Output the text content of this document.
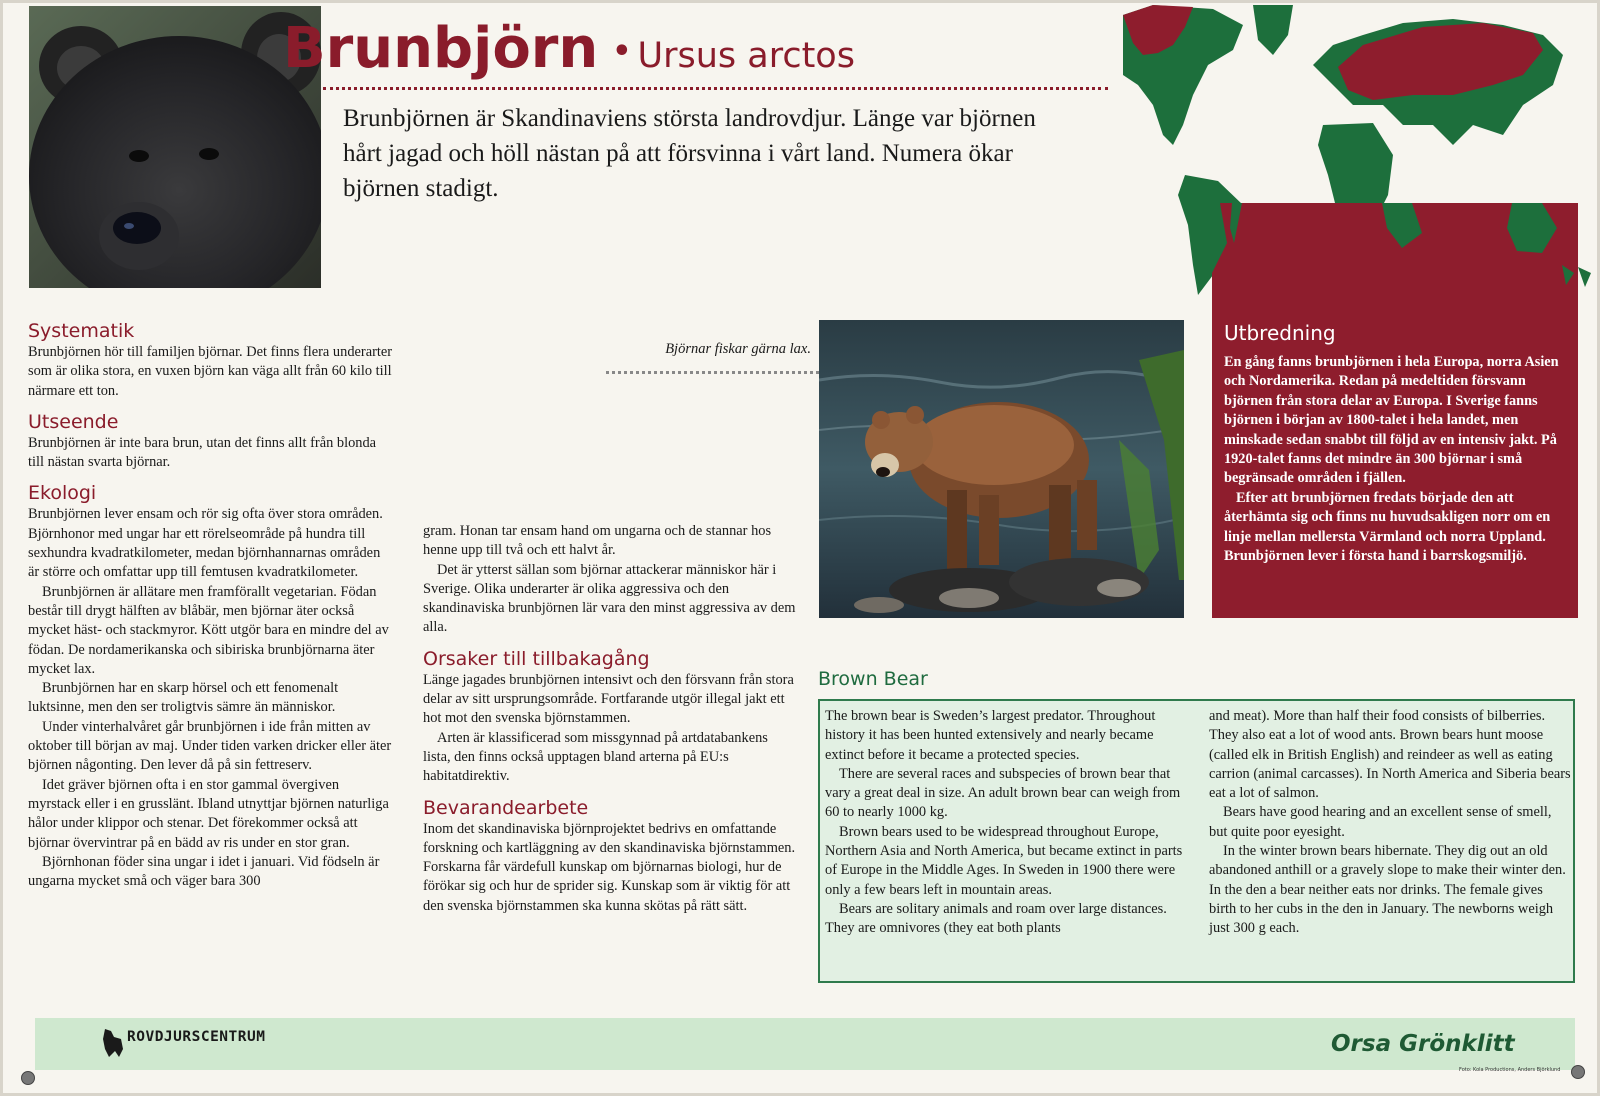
Brunbjörn • Ursus arctos
Brunbjörnen är Skandinaviens största landrovdjur. Länge var björnen hårt jagad och höll nästan på att försvinna i vårt land. Numera ökar björnen stadigt.
Utbredning

En gång fanns brunbjörnen i hela Europa, norra Asien och Nordamerika. Redan på medeltiden försvann björnen från stora delar av Europa. I Sverige fanns björnen i början av 1800-talet i hela landet, men minskade sedan snabbt till följd av en intensiv jakt. På 1920-talet fanns det mindre än 300 björnar i små begränsade områden i fjällen.

Efter att brunbjörnen fredats började den att återhämta sig och finns nu huvudsakligen norr om en linje mellan mellersta Värmland och norra Uppland. Brunbjörnen lever i första hand i barrskogsmiljö.

Systematik

Brunbjörnen hör till familjen björnar. Det finns flera underarter som är olika stora, en vuxen björn kan väga allt från 60 kilo till närmare ett ton.

Utseende

Brunbjörnen är inte bara brun, utan det finns allt från blonda till nästan svarta björnar.

Ekologi

Brunbjörnen lever ensam och rör sig ofta över stora områden. Björnhonor med ungar har ett rörelseområde på hundra till sexhundra kvadratkilometer, medan björnhannarnas områden är större och omfattar upp till femtusen kvadratkilometer.

Brunbjörnen är allätare men framförallt vegetarian. Födan består till drygt hälften av blåbär, men björnar äter också mycket häst- och stackmyror. Kött utgör bara en mindre del av födan. De nordamerikanska och sibiriska brunbjörnarna äter mycket lax.

Brunbjörnen har en skarp hörsel och ett fenomenalt luktsinne, men den ser troligtvis sämre än människor.

Under vinterhalvåret går brunbjörnen i ide från mitten av oktober till början av maj. Under tiden varken dricker eller äter björnen någonting. Den lever då på sin fettreserv.

Idet gräver björnen ofta i en stor gammal övergiven myrstack eller i en grusslänt. Ibland utnyttjar björnen naturliga hålor under klippor och stenar. Det förekommer också att björnar övervintrar på en bädd av ris under en stor gran.

Björnhonan föder sina ungar i idet i januari. Vid födseln är ungarna mycket små och väger bara 300

gram. Honan tar ensam hand om ungarna och de stannar hos henne upp till två och ett halvt år.

Det är ytterst sällan som björnar attackerar människor här i Sverige. Olika underarter är olika aggressiva och den skandinaviska brunbjörnen lär vara den minst aggressiva av dem alla.

Orsaker till tillbakagång

Länge jagades brunbjörnen intensivt och den försvann från stora delar av sitt ursprungsområde. Fortfarande utgör illegal jakt ett hot mot den svenska björnstammen.

Arten är klassificerad som missgynnad på artdatabankens lista, den finns också upptagen bland arterna på EU:s habitatdirektiv.

Bevarandearbete

Inom det skandinaviska björnprojektet bedrivs en omfattande forskning och kartläggning av den skandinaviska björnstammen. Forskarna får värdefull kunskap om björnarnas biologi, hur de förökar sig och hur de sprider sig. Kunskap som är viktig för att den svenska björnstammen ska kunna skötas på rätt sätt.

Björnar fiskar gärna lax.
Brown Bear

The brown bear is Sweden’s largest predator. Throughout history it has been hunted extensively and nearly became extinct before it became a protected species.

There are several races and subspecies of brown bear that vary a great deal in size. An adult brown bear can weigh from 60 to nearly 1000 kg.

Brown bears used to be widespread throughout Europe, Northern Asia and North America, but became extinct in parts of Europe in the Middle Ages. In Sweden in 1900 there were only a few bears left in mountain areas.

Bears are solitary animals and roam over large distances. They are omnivores (they eat both plants

and meat). More than half their food consists of bilberries. They also eat a lot of wood ants. Brown bears hunt moose (called elk in British English) and reindeer as well as eating carrion (animal carcasses). In North America and Siberia bears eat a lot of salmon.

Bears have good hearing and an excellent sense of smell, but quite poor eyesight.

In the winter brown bears hibernate. They dig out an old abandoned anthill or a gravely slope to make their winter den. In the den a bear neither eats nor drinks. The female gives birth to her cubs in the den in January. The newborns weigh just 300 g each.

ROVDJURSCENTRUM	Orsa Grönklitt
Foto: Kola Productions, Anders Björklund
